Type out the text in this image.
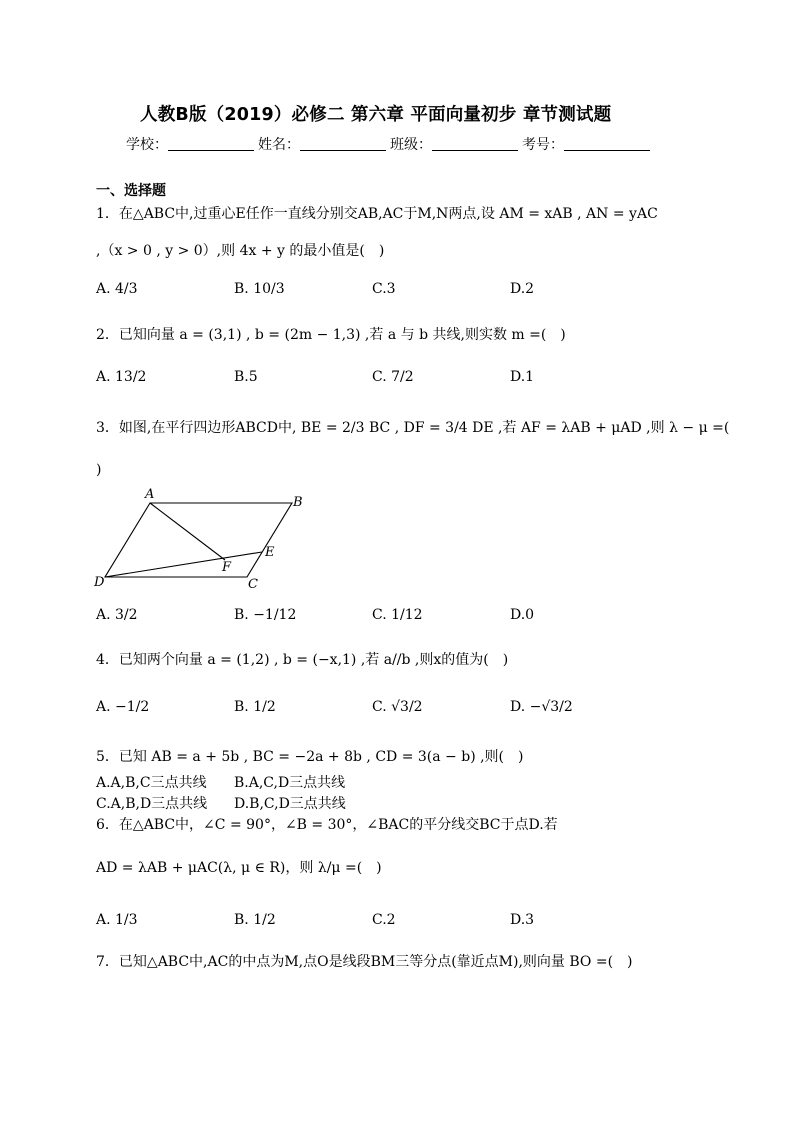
人教B版（2019）必修二 第六章 平面向量初步 章节测试题
学校：	姓名：	班级：	考号：
一、选择题
1．在△ABC中,过重心E任作一直线分别交AB,AC于M,N两点,设 AM = xAB , AN = yAC
,（x > 0 , y > 0）,则 4x + y 的最小值是(　)
A. 4/3	B. 10/3	C.3	D.2
2．已知向量 a = (3,1) , b = (2m − 1,3) ,若 a 与 b 共线,则实数 m =(　)
A. 13/2	B.5	C. 7/2	D.1
3．如图,在平行四边形ABCD中, BE = 2/3 BC , DF = 3/4 DE ,若 AF = λAB + μAD ,则 λ − μ =(
)
A
B
C
D
E
F
A. 3/2	B. −1/12	C. 1/12	D.0
4．已知两个向量 a = (1,2) , b = (−x,1) ,若 a//b ,则x的值为(　)
A. −1/2	B. 1/2	C. √3/2	D. −√3/2
5．已知 AB = a + 5b , BC = −2a + 8b , CD = 3(a − b) ,则(　)
A.A,B,C三点共线 B.A,C,D三点共线
C.A,B,D三点共线 D.B,C,D三点共线
6．在△ABC中，∠C = 90°，∠B = 30°，∠BAC的平分线交BC于点D.若
AD = λAB + μAC(λ, μ ∈ R)，则 λ/μ =(　)
A. 1/3	B. 1/2	C.2	D.3
7．已知△ABC中,AC的中点为M,点O是线段BM三等分点(靠近点M),则向量 BO =(　)
